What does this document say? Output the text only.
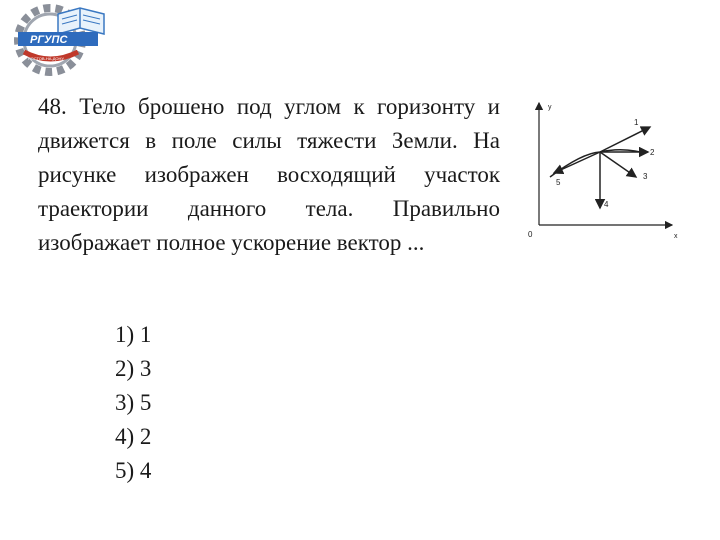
РГУПС
РОСТОВ-НА-ДОНУ

48. Тело брошено под углом к горизонту и движется в поле силы тяжести Земли. На рисунке изображен восходящий участок траектории данного тела. Правильно изображает полное ускорение вектор ...

y
x
0
1
2
3
4
5
1) 1
2) 3
3) 5
4) 2
5) 4
